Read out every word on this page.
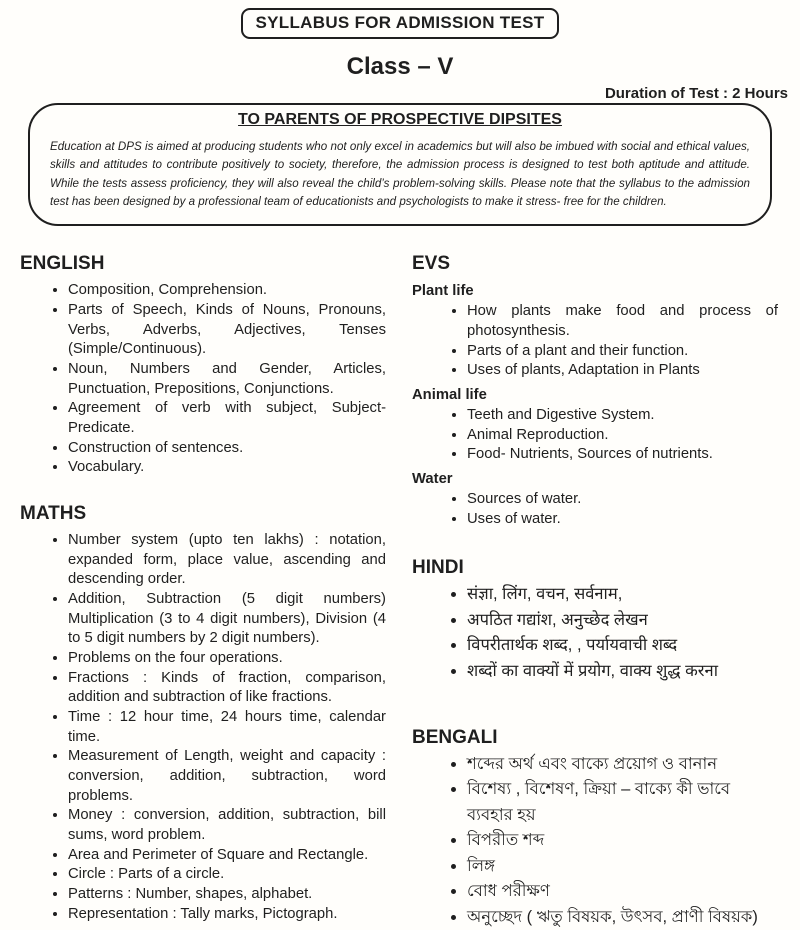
SYLLABUS FOR ADMISSION TEST
Class – V
Duration of Test : 2 Hours
TO PARENTS OF PROSPECTIVE DIPSITES
Education at DPS is aimed at producing students who not only excel in academics but will also be imbued with social and ethical values, skills and attitudes to contribute positively to society, therefore, the admission process is designed to test both aptitude and attitude. While the tests assess proficiency, they will also reveal the child’s problem-solving skills. Please note that the syllabus to the admission test has been designed by a professional team of educationists and psychologists to make it stress- free for the children.
ENGLISH
• Composition, Comprehension.
• Parts of Speech, Kinds of Nouns, Pronouns, Verbs, Adverbs, Adjectives, Tenses (Simple/Continuous).
• Noun, Numbers and Gender, Articles, Punctuation, Prepositions, Conjunctions.
• Agreement of verb with subject, Subject-Predicate.
• Construction of sentences.
• Vocabulary.
MATHS
• Number system (upto ten lakhs) : notation, expanded form, place value, ascending and descending order.
• Addition, Subtraction (5 digit numbers) Multiplication (3 to 4 digit numbers), Division (4 to 5 digit numbers by 2 digit numbers).
• Problems on the four operations.
• Fractions : Kinds of fraction, comparison, addition and subtraction of like fractions.
• Time : 12 hour time, 24 hours time, calendar time.
• Measurement of Length, weight and capacity : conversion, addition, subtraction, word problems.
• Money : conversion, addition, subtraction, bill sums, word problem.
• Area and Perimeter of Square and Rectangle.
• Circle : Parts of a circle.
• Patterns : Number, shapes, alphabet.
• Representation : Tally marks, Pictograph.
EVS
Plant life
• How plants make food and process of photosynthesis.
• Parts of a plant and their function.
• Uses of plants, Adaptation in Plants
Animal life
• Teeth and Digestive System.
• Animal Reproduction.
• Food- Nutrients, Sources of nutrients.
Water
• Sources of water.
• Uses of water.
HINDI
• संज्ञा, लिंग, वचन, सर्वनाम,
• अपठित गद्यांश, अनुच्छेद लेखन
• विपरीतार्थक शब्द, , पर्यायवाची शब्द
• शब्दों का वाक्यों में प्रयोग, वाक्य शुद्ध करना
BENGALI
• শব্দের অর্থ এবং বাক্যে প্রয়োগ ও বানান
• বিশেষ্য , বিশেষণ, ক্রিয়া – বাক্যে কী ভাবে ব্যবহার হয়
• বিপরীত শব্দ
• লিঙ্গ
• বোধ পরীক্ষণ
• অনুচ্ছেদ ( ঋতু বিষয়ক, উৎসব, প্রাণী বিষয়ক)
